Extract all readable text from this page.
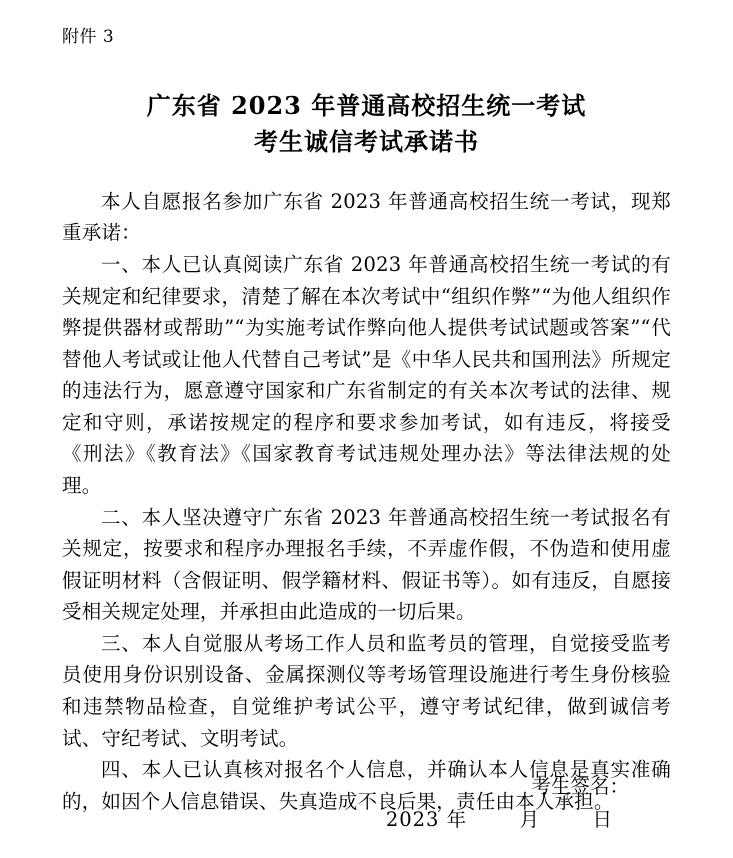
附件 3
广东省 2023 年普通高校招生统一考试
考生诚信考试承诺书

本人自愿报名参加广东省 2023 年普通高校招生统一考试，现郑重承诺：

一、本人已认真阅读广东省 2023 年普通高校招生统一考试的有关规定和纪律要求，清楚了解在本次考试中“组织作弊”“为他人组织作弊提供器材或帮助”“为实施考试作弊向他人提供考试试题或答案”“代替他人考试或让他人代替自己考试”是《中华人民共和国刑法》所规定的违法行为，愿意遵守国家和广东省制定的有关本次考试的法律、规定和守则，承诺按规定的程序和要求参加考试，如有违反，将接受《刑法》《教育法》《国家教育考试违规处理办法》等法律法规的处理。

二、本人坚决遵守广东省 2023 年普通高校招生统一考试报名有关规定，按要求和程序办理报名手续，不弄虚作假，不伪造和使用虚假证明材料（含假证明、假学籍材料、假证书等）。如有违反，自愿接受相关规定处理，并承担由此造成的一切后果。

三、本人自觉服从考场工作人员和监考员的管理，自觉接受监考员使用身份识别设备、金属探测仪等考场管理设施进行考生身份核验和违禁物品检查，自觉维护考试公平，遵守考试纪律，做到诚信考试、守纪考试、文明考试。

四、本人已认真核对报名个人信息，并确认本人信息是真实准确的，如因个人信息错误、失真造成不良后果，责任由本人承担。

考生签名：
2023 年	月	日
